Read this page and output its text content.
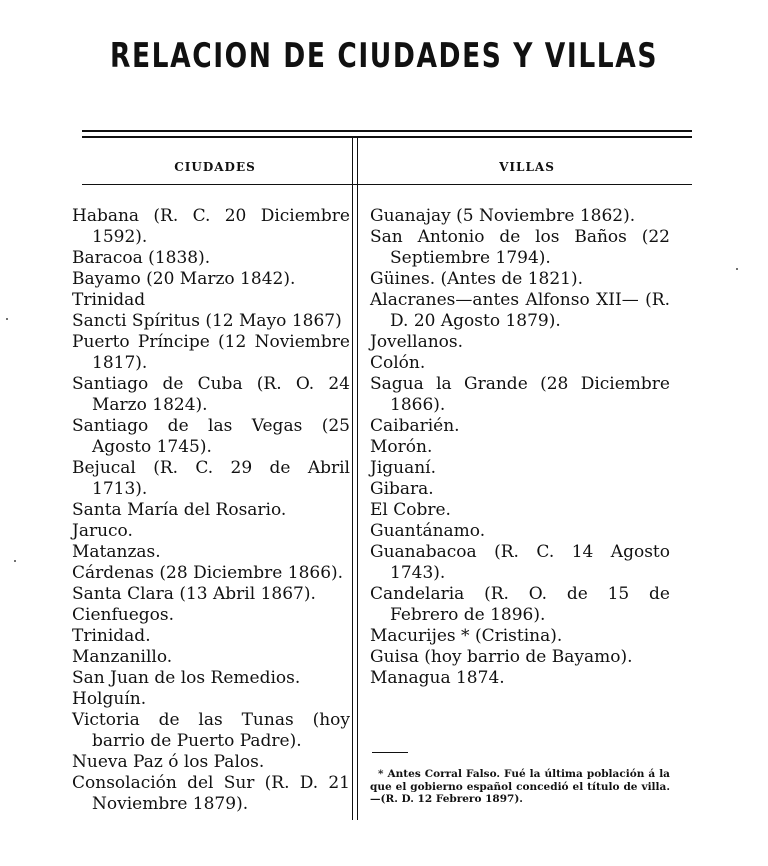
RELACION DE CIUDADES Y VILLAS
CIUDADES	VILLAS
Habana (R. C. 20 Diciembre 1592).
Baracoa (1838).
Bayamo (20 Marzo 1842).
Trinidad
Sancti Spíritus (12 Mayo 1867)
Puerto Príncipe (12 Noviembre 1817).
Santiago de Cuba (R. O. 24 Marzo 1824).
Santiago de las Vegas (25 Agosto 1745).
Bejucal (R. C. 29 de Abril 1713).
Santa María del Rosario.
Jaruco.
Matanzas.
Cárdenas (28 Diciembre 1866).
Santa Clara (13 Abril 1867).
Cienfuegos.
Trinidad.
Manzanillo.
San Juan de los Remedios.
Holguín.
Victoria de las Tunas (hoy barrio de Puerto Padre).
Nueva Paz ó los Palos.
Consolación del Sur (R. D. 21 Noviembre 1879).
Guanajay (5 Noviembre 1862).
San Antonio de los Baños (22 Septiembre 1794).
Güines. (Antes de 1821).
Alacranes—antes Alfonso XII— (R. D. 20 Agosto 1879).
Jovellanos.
Colón.
Sagua la Grande (28 Diciembre 1866).
Caibarién.
Morón.
Jiguaní.
Gibara.
El Cobre.
Guantánamo.
Guanabacoa (R. C. 14 Agosto 1743).
Candelaria (R. O. de 15 de Febrero de 1896).
Macurijes * (Cristina).
Guisa (hoy barrio de Bayamo).
Managua 1874.
* Antes Corral Falso. Fué la última población á la que el gobierno español concedió el título de villa.—(R. D. 12 Febrero 1897).
